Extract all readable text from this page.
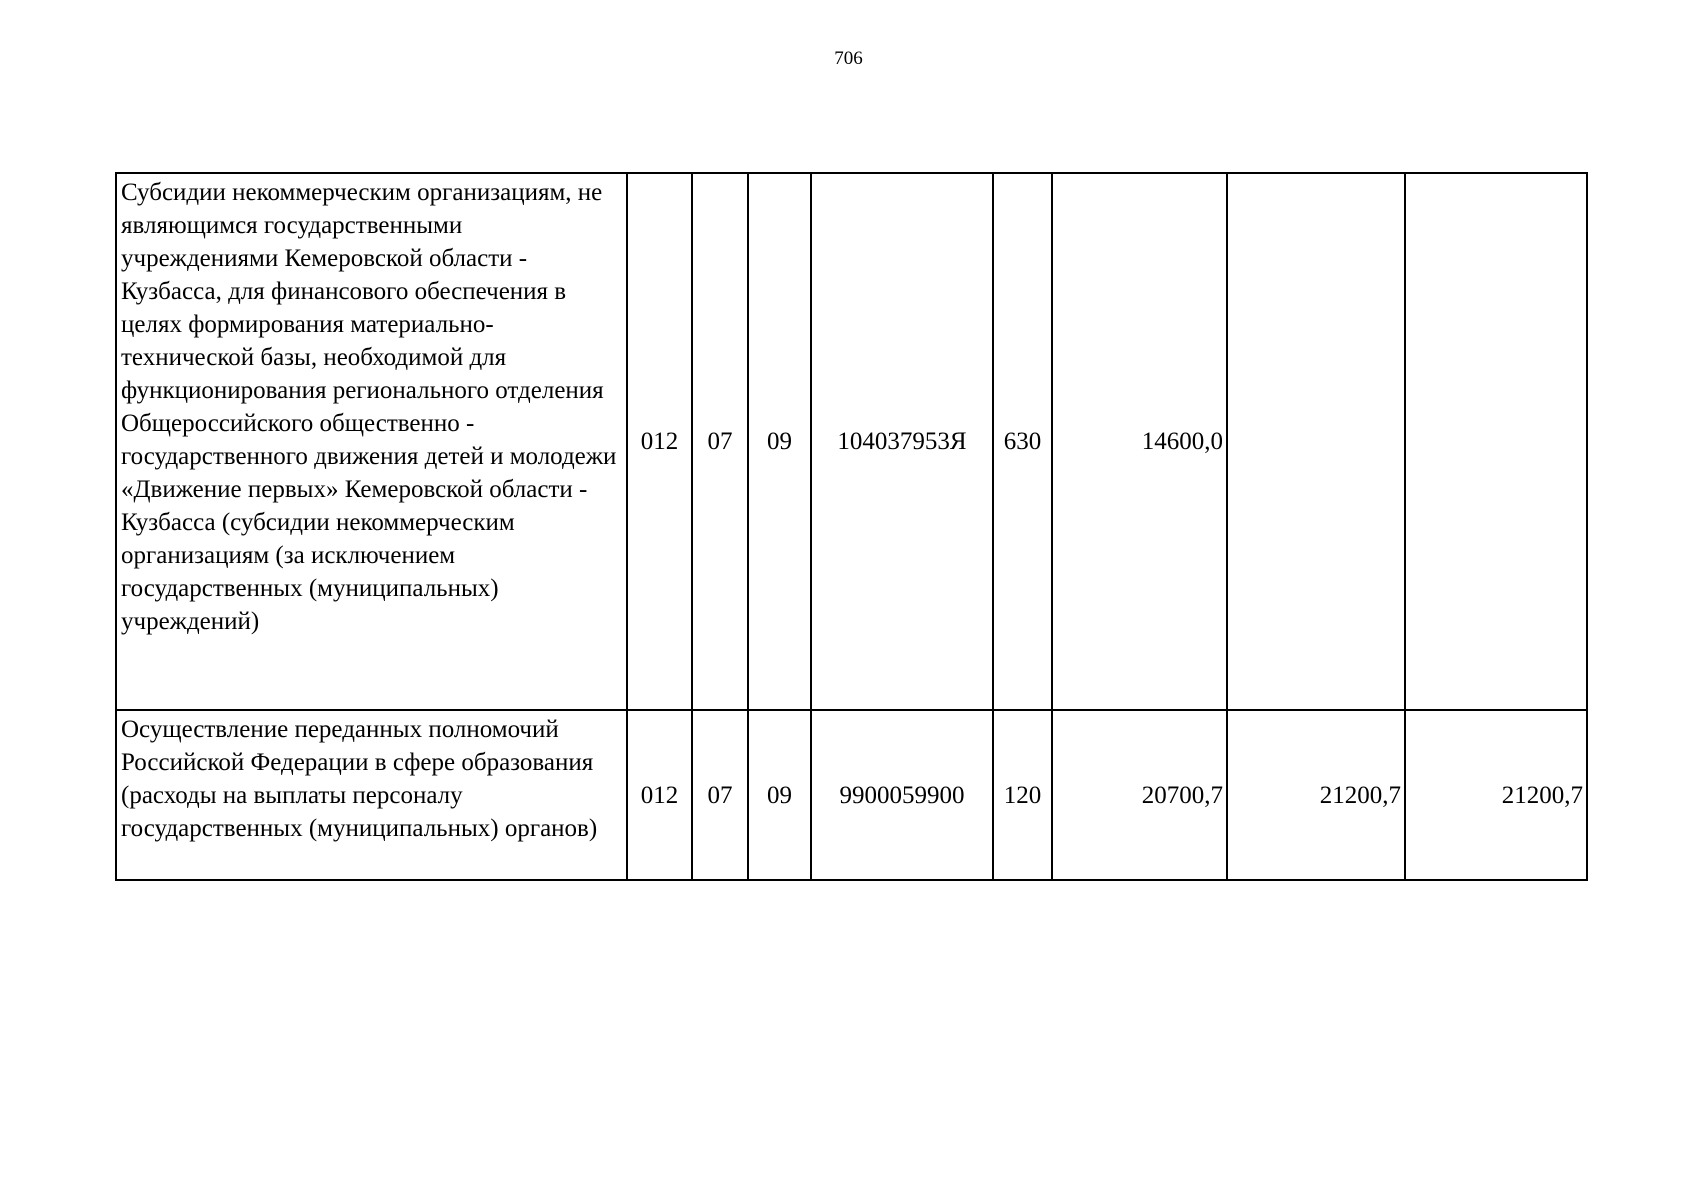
706
Субсидии некоммерческим организациям, не являющимся государственными учреждениями Кемеровской области - Кузбасса, для финансового обеспечения в целях формирования материально-технической базы, необходимой для функционирования регионального отделения Общероссийского общественно - государственного движения детей и молодежи «Движение первых» Кемеровской области - Кузбасса (субсидии некоммерческим организациям (за исключением государственных (муниципальных) учреждений)	012	07	09	104037953Я	630	14600,0		
Осуществление переданных полномочий Российской Федерации в сфере образования (расходы на выплаты персоналу государственных (муниципальных) органов)	012	07	09	9900059900	120	20700,7	21200,7	21200,7
